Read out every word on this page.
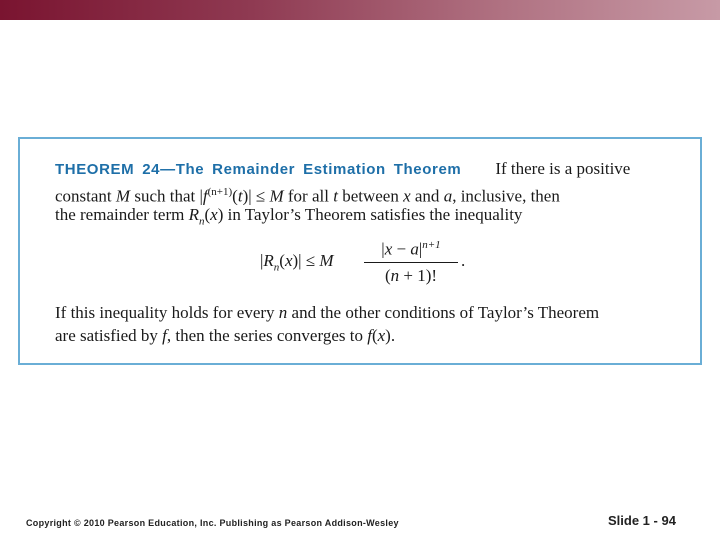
THEOREM 24—The Remainder Estimation Theorem If there is a positive
constant M such that $|f^{(n+1)}(t)| \le M$ for all t between x and a, inclusive, then
the remainder term $R_n(x)$ in Taylor’s Theorem satisfies the inequality
$|R_n(x)| \le M$
$|x - a|^{n+1}$
(n + 1)!
.
If this inequality holds for every n and the other conditions of Taylor’s Theorem
are satisfied by f, then the series converges to f(x).
Copyright © 2010 Pearson Education, Inc. Publishing as Pearson Addison-Wesley	Slide 1 - 94
